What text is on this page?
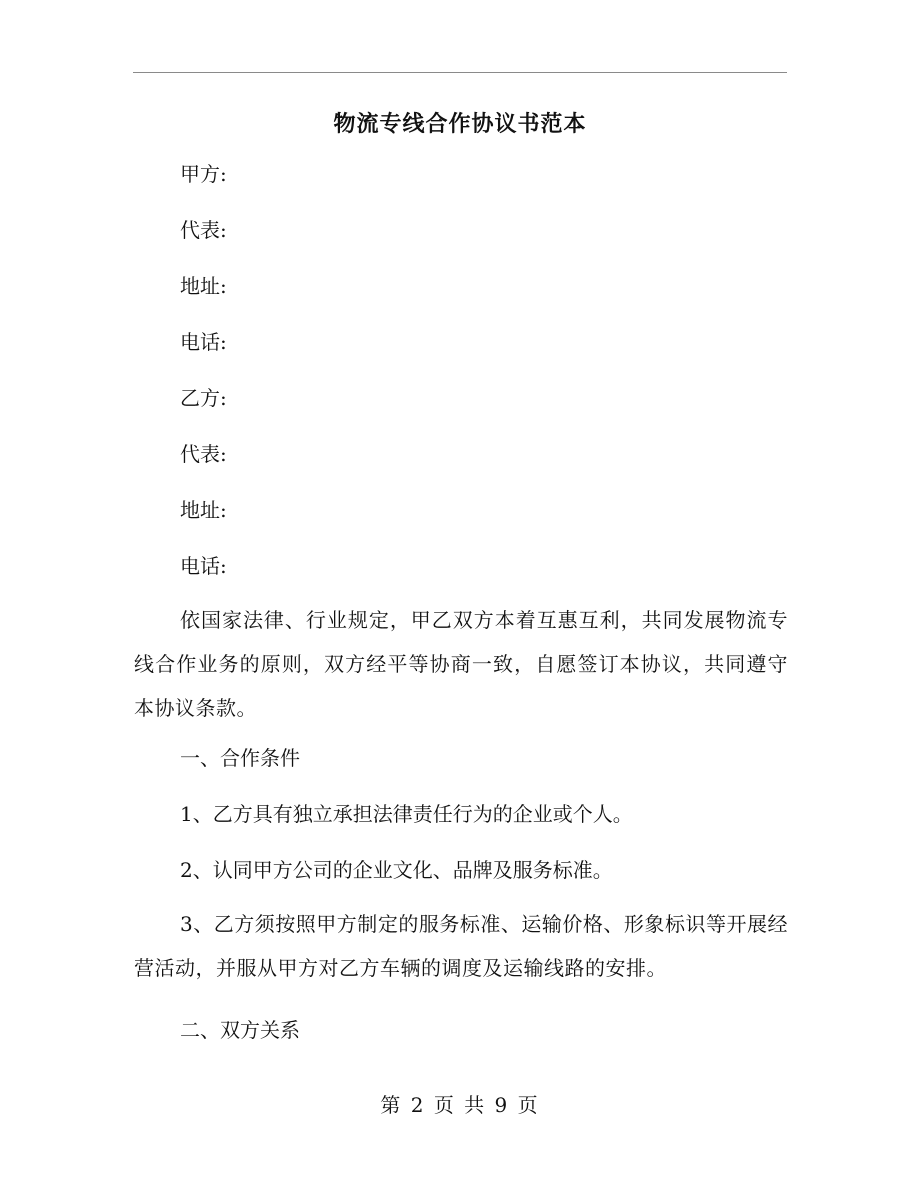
物流专线合作协议书范本
甲方:
代表:
地址:
电话:
乙方:
代表:
地址:
电话:
依国家法律、行业规定，甲乙双方本着互惠互利，共同发展物流专线合作业务的原则，双方经平等协商一致，自愿签订本协议，共同遵守本协议条款。
一、合作条件
1、乙方具有独立承担法律责任行为的企业或个人。
2、认同甲方公司的企业文化、品牌及服务标准。
3、乙方须按照甲方制定的服务标准、运输价格、形象标识等开展经营活动，并服从甲方对乙方车辆的调度及运输线路的安排。
二、双方关系
第 2 页 共 9 页
